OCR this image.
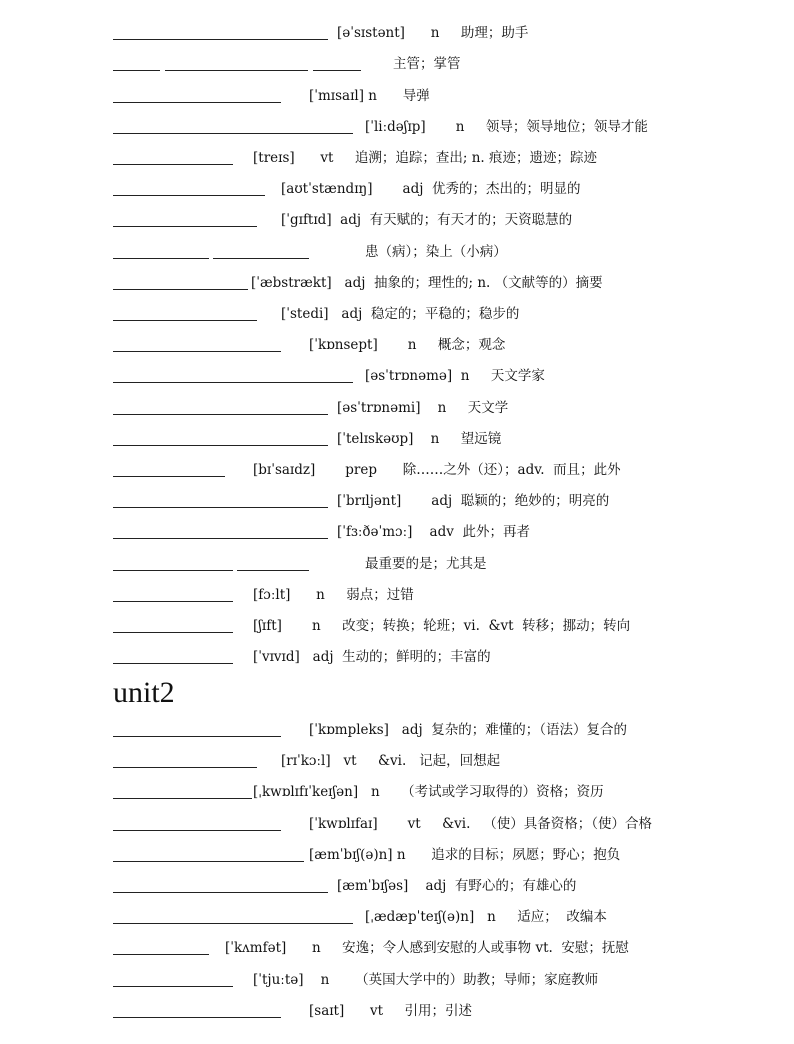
[əˈsɪstənt]      n     助理；助手
主管；掌管
[ˈmɪsaɪl] n      导弹
[ˈliːdəʃɪp]       n     领导；领导地位；领导才能
[treɪs]      vt     追溯；追踪；查出; n. 痕迹；遗迹；踪迹
[aʊtˈstændɪŋ]       adj  优秀的；杰出的；明显的
[ˈgɪftɪd]  adj  有天赋的；有天才的；天资聪慧的
患（病）；染上（小病）
[ˈæbstrækt]   adj  抽象的；理性的; n. （文献等的）摘要
[ˈstedi]   adj  稳定的；平稳的；稳步的
[ˈkɒnsept]       n     概念；观念
[əsˈtrɒnəmə]  n     天文学家
[əsˈtrɒnəmi]    n     天文学
[ˈtelɪskəʊp]    n     望远镜
[bɪˈsaɪdz]       prep      除……之外（还）；adv.  而且；此外
[ˈbrɪljənt]       adj  聪颖的；绝妙的；明亮的
[ˈfɜːðəˈmɔː]    adv  此外；再者
最重要的是；尤其是
[fɔːlt]      n     弱点；过错
[ʃɪft]       n     改变；转换；轮班；vi.  &vt  转移；挪动；转向
[ˈvɪvɪd]   adj  生动的；鲜明的；丰富的
unit2
[ˈkɒmpleks]   adj  复杂的；难懂的；（语法）复合的
[rɪˈkɔːl]   vt     &vi.   记起，回想起
[ˌkwɒlɪfɪˈkeɪʃən]   n     （考试或学习取得的）资格；资历
[ˈkwɒlɪfaɪ]       vt     &vi.   （使）具备资格；（使）合格
[æmˈbɪʃ(ə)n] n      追求的目标；夙愿；野心；抱负
[æmˈbɪʃəs]    adj  有野心的；有雄心的
[ˌædæpˈteɪʃ(ə)n]   n     适应；  改编本
[ˈkʌmfət]      n     安逸；令人感到安慰的人或事物 vt.  安慰；抚慰
[ˈtjuːtə]    n      （英国大学中的）助教；导师；家庭教师
[saɪt]      vt     引用；引述
